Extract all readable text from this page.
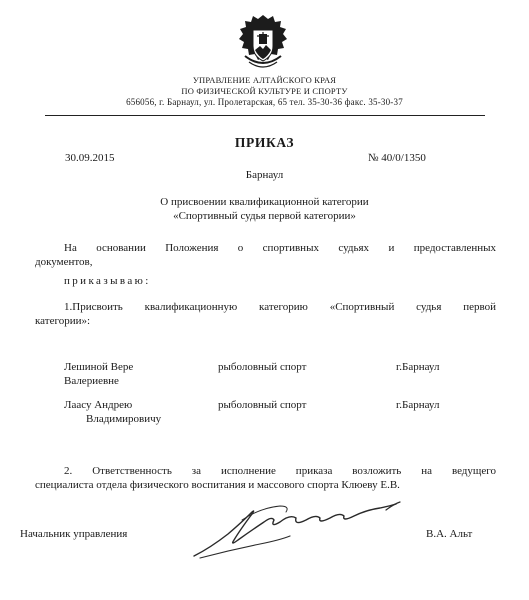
УПРАВЛЕНИЕ АЛТАЙСКОГО КРАЯ
ПО ФИЗИЧЕСКОЙ КУЛЬТУРЕ И СПОРТУ
656056, г. Барнаул, ул. Пролетарская, 65 тел. 35-30-36 факс. 35-30-37
ПРИКАЗ
30.09.2015	№ 40/0/1350
Барнаул
О присвоении квалификационной категории
«Спортивный судья первой категории»
На основании Положения о спортивных судьях и предоставленных
документов,
приказываю:
1.Присвоить квалификационную категорию «Спортивный судья первой
категории»:
Лешиной Вере
Валериевне
рыболовный спорт	г.Барнаул
Лаасу Андрею
Владимировичу
рыболовный спорт	г.Барнаул
2. Ответственность за исполнение приказа возложить на ведущего
специалиста отдела физического воспитания и массового спорта Клюеву Е.В.
Начальник управления	В.А. Альт
